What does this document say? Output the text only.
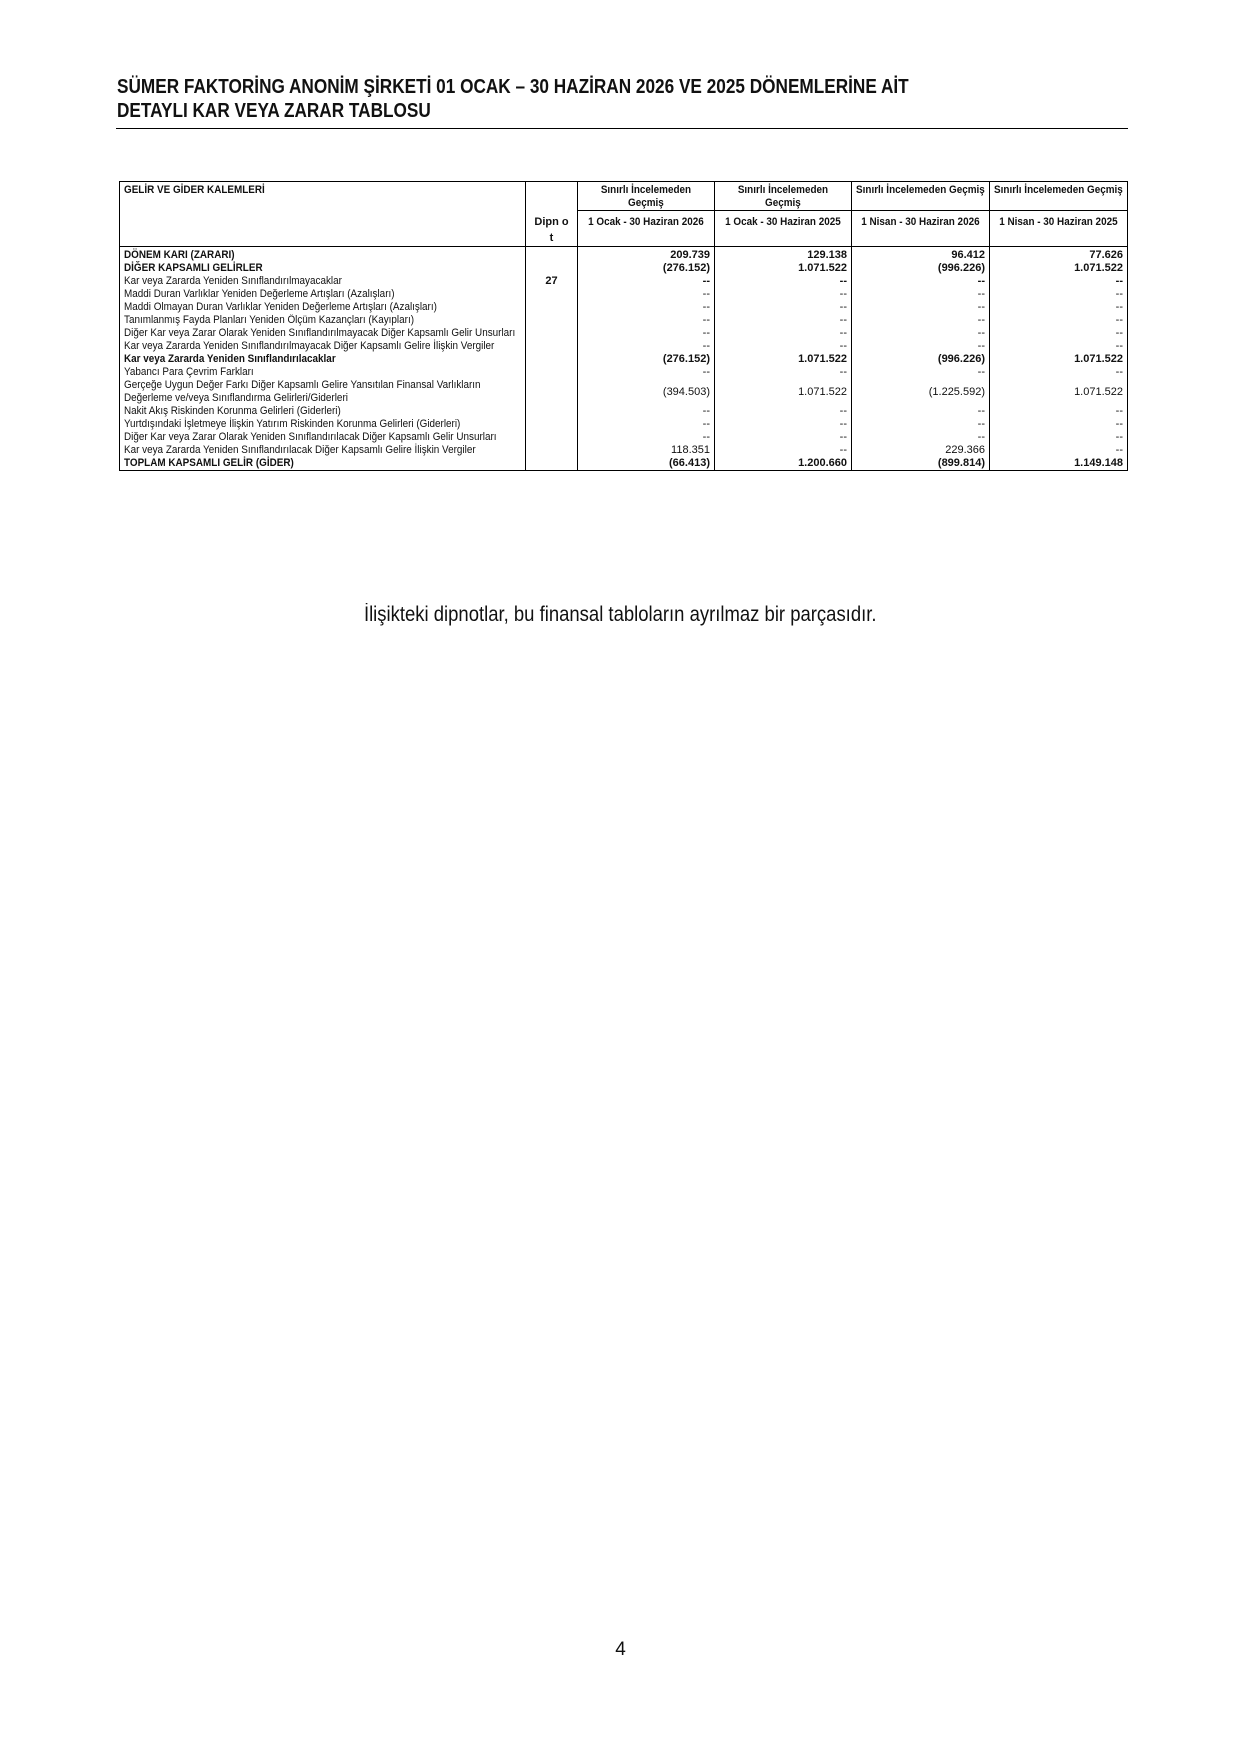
SÜMER FAKTORİNG ANONİM ŞİRKETİ 01 OCAK – 30 HAZİRAN 2026 VE 2025 DÖNEMLERİNE AİT
DETAYLI KAR VEYA ZARAR TABLOSU
GELİR VE GİDER KALEMLERİ		Sınırlı İncelemeden Geçmiş	Sınırlı İncelemeden Geçmiş	Sınırlı İncelemeden Geçmiş	Sınırlı İncelemeden Geçmiş

	Dipn ot	1 Ocak - 30 Haziran 2026	1 Ocak - 30 Haziran 2025	1 Nisan - 30 Haziran 2026	1 Nisan - 30 Haziran 2025

DÖNEM KARI (ZARARI)		209.739	129.138	96.412	77.626
DİĞER KAPSAMLI GELİRLER		(276.152)	1.071.522	(996.226)	1.071.522
Kar veya Zararda Yeniden Sınıflandırılmayacaklar	27	--	--	--	--
Maddi Duran Varlıklar Yeniden Değerleme Artışları (Azalışları)		--	--	--	--
Maddi Olmayan Duran Varlıklar Yeniden Değerleme Artışları (Azalışları)		--	--	--	--
Tanımlanmış Fayda Planları Yeniden Ölçüm Kazançları (Kayıpları)		--	--	--	--

Diğer Kar veya Zarar Olarak Yeniden Sınıflandırılmayacak Diğer Kapsamlı Gelir Unsurları		--	--	--	--

Kar veya Zararda Yeniden Sınıflandırılmayacak Diğer Kapsamlı Gelire İlişkin Vergiler		--	--	--	--
Kar veya Zararda Yeniden Sınıflandırılacaklar		(276.152)	1.071.522	(996.226)	1.071.522
Yabancı Para Çevrim Farkları		--	--	--	--

Gerçeğe Uygun Değer Farkı Diğer Kapsamlı Gelire Yansıtılan Finansal Varlıkların Değerleme ve/veya Sınıflandırma Gelirleri/Giderleri		(394.503)	1.071.522	(1.225.592)	1.071.522
Nakit Akış Riskinden Korunma Gelirleri (Giderleri)		--	--	--	--
Yurtdışındaki İşletmeye İlişkin Yatırım Riskinden Korunma Gelirleri (Giderleri)		--	--	--	--

Diğer Kar veya Zarar Olarak Yeniden Sınıflandırılacak Diğer Kapsamlı Gelir Unsurları		--	--	--	--

Kar veya Zararda Yeniden Sınıflandırılacak Diğer Kapsamlı Gelire İlişkin Vergiler		118.351	--	229.366	--
TOPLAM KAPSAMLI GELİR (GİDER)		(66.413)	1.200.660	(899.814)	1.149.148
İlişikteki dipnotlar, bu finansal tabloların ayrılmaz bir parçasıdır.
4
